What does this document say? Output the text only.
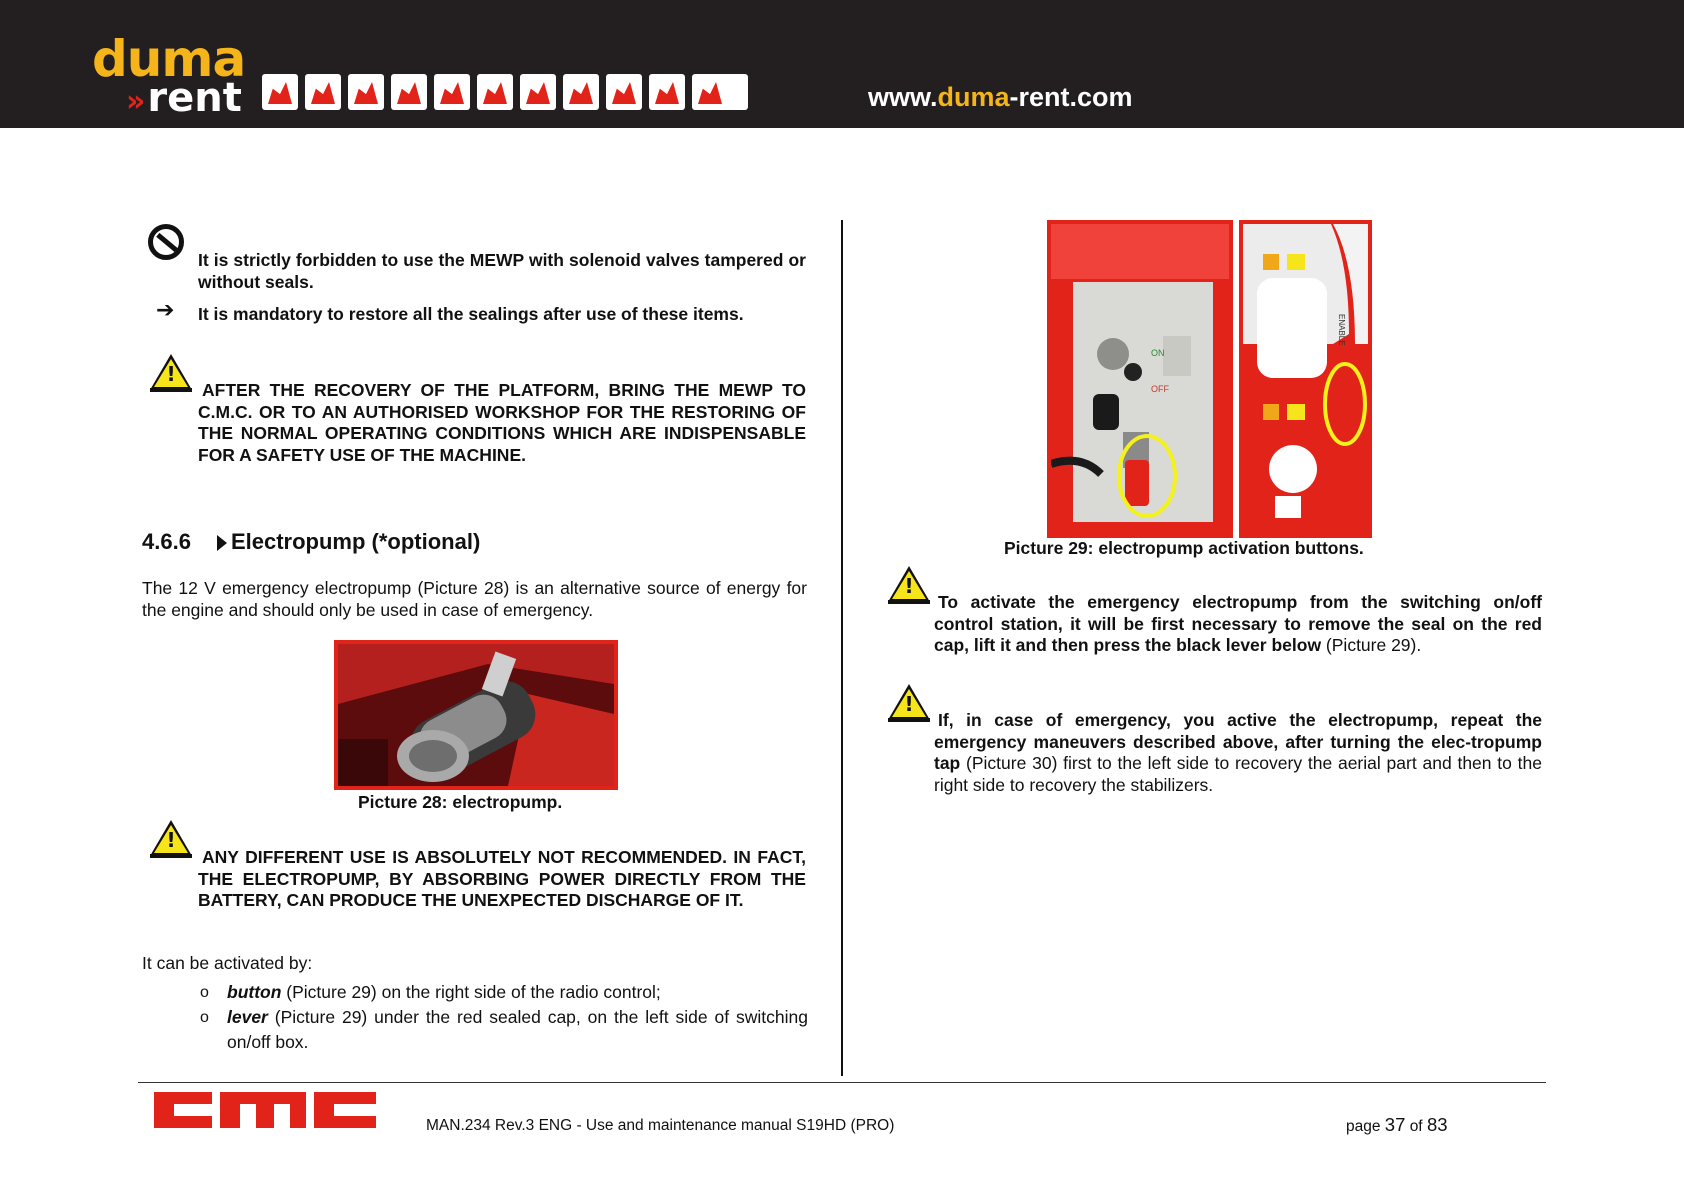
duma
»rent	www.duma-rent.com
It is strictly forbidden to use the MEWP with solenoid valves tampered or without seals.
➔ It is mandatory to restore all the sealings after use of these items.
!
AFTER THE RECOVERY OF THE PLATFORM, BRING THE MEWP TO C.M.C. OR TO AN AUTHORISED WORKSHOP FOR THE RESTORING OF THE NORMAL OPERATING CONDITIONS WHICH ARE INDISPENSABLE FOR A SAFETY USE OF THE MACHINE.
4.6.6 Electropump (*optional)
The 12 V emergency electropump (Picture 28) is an alternative source of energy for the engine and should only be used in case of emergency.
Picture 28: electropump.
!
ANY DIFFERENT USE IS ABSOLUTELY NOT RECOMMENDED. IN FACT, THE ELECTROPUMP, BY ABSORBING POWER DIRECTLY FROM THE BATTERY, CAN PRODUCE THE UNEXPECTED DISCHARGE OF IT.
It can be activated by:
o button (Picture 29) on the right side of the radio control;
o lever (Picture 29) under the red sealed cap, on the left side of switching on/off box.
ON
OFF
ENABLE
Picture 29: electropump activation buttons.
!
To activate the emergency electropump from the switching on/off control station, it will be first necessary to remove the seal on the red cap, lift it and then press the black lever below (Picture 29).
!
If, in case of emergency, you active the electropump, repeat the emergency maneuvers described above, after turning the elec-tropump tap (Picture 30) first to the left side to recovery the aerial part and then to the right side to recovery the stabilizers.
MAN.234 Rev.3 ENG - Use and maintenance manual S19HD (PRO)	page 37 of 83
